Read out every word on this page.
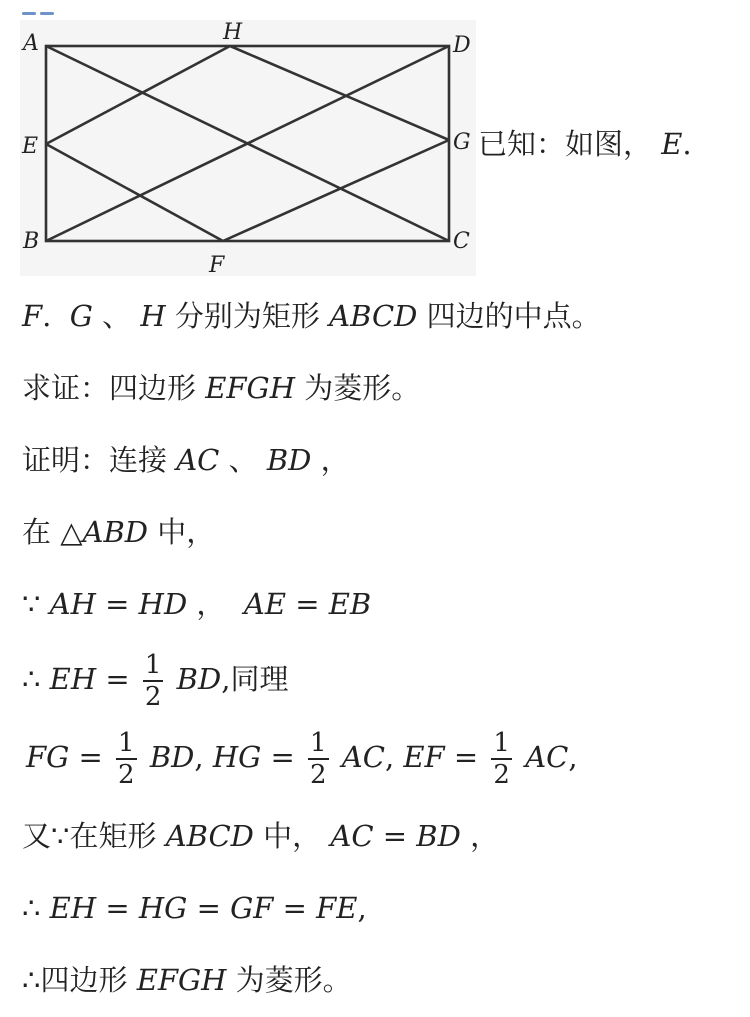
A
E
B
H
F
D
G
C
已知：如图， E.
F. G 、 H 分别为矩形 ABCD 四边的中点。
求证：四边形 EFGH 为菱形。
证明：连接 AC 、 BD ，
在 △ABD 中，
∵ AH = HD ， AE = EB
∴ EH = $\frac{1}{2}$ BD,同理
FG = $\frac{1}{2}$ BD, HG = $\frac{1}{2}$ AC, EF = $\frac{1}{2}$ AC,
又∵在矩形 ABCD 中， AC = BD ，
∴ EH = HG = GF = FE,
∴四边形 EFGH 为菱形。
